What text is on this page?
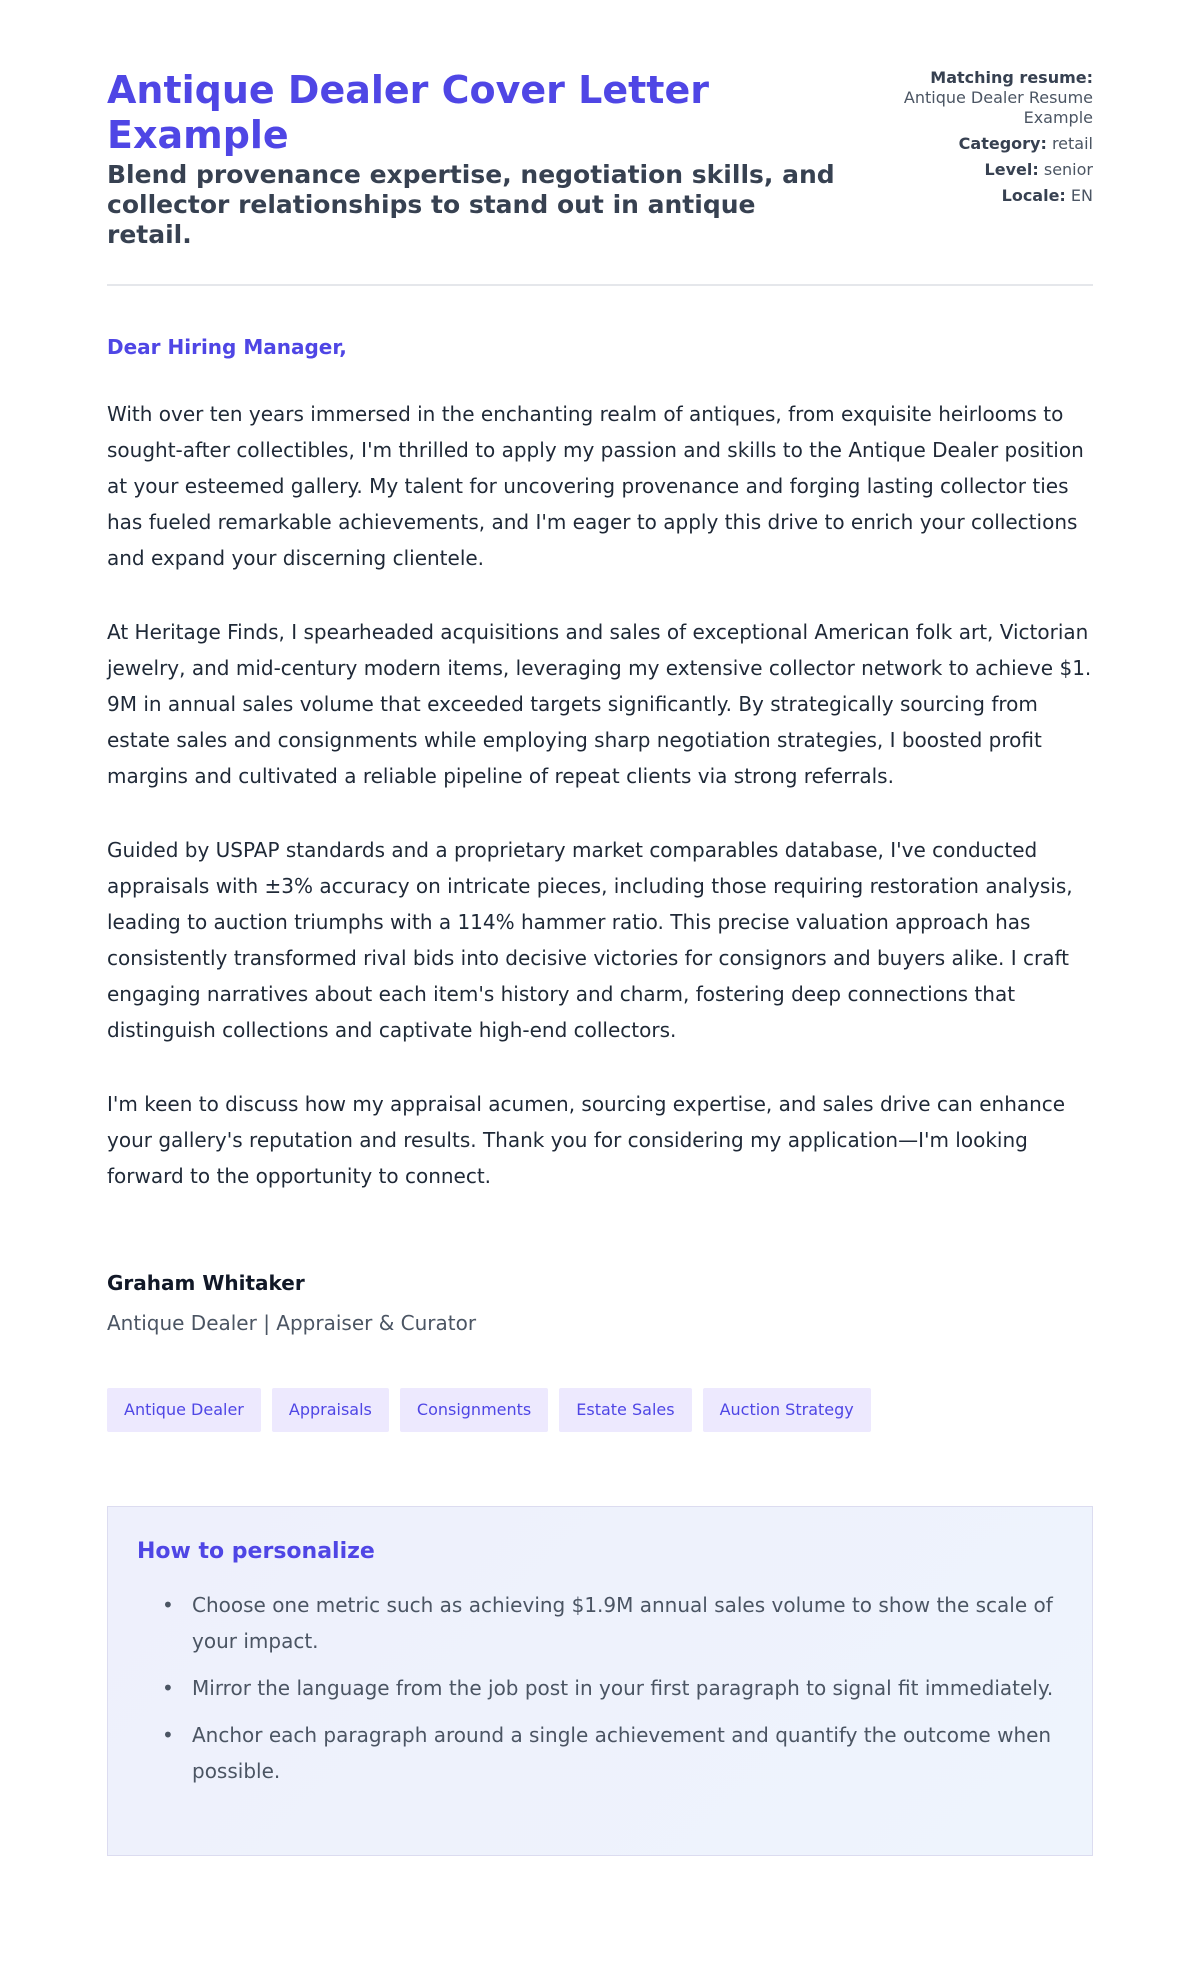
Antique Dealer Cover Letter Example
Blend provenance expertise, negotiation skills, and collector relationships to stand out in antique retail.
Matching resume:
Antique Dealer Resume Example
Category: retail
Level: senior
Locale: EN
Dear Hiring Manager,

With over ten years immersed in the enchanting realm of antiques, from exquisite heirlooms to sought-after collectibles, I'm thrilled to apply my passion and skills to the Antique Dealer position at your esteemed gallery. My talent for uncovering provenance and forging lasting collector ties has fueled remarkable achievements, and I'm eager to apply this drive to enrich your collections and expand your discerning clientele.

At Heritage Finds, I spearheaded acquisitions and sales of exceptional American folk art, Victorian jewelry, and mid-century modern items, leveraging my extensive collector network to achieve $1. 9M in annual sales volume that exceeded targets significantly. By strategically sourcing from estate sales and consignments while employing sharp negotiation strategies, I boosted profit margins and cultivated a reliable pipeline of repeat clients via strong referrals.

Guided by USPAP standards and a proprietary market comparables database, I've conducted appraisals with ±3% accuracy on intricate pieces, including those requiring restoration analysis, leading to auction triumphs with a 114% hammer ratio. This precise valuation approach has consistently transformed rival bids into decisive victories for consignors and buyers alike. I craft engaging narratives about each item's history and charm, fostering deep connections that distinguish collections and captivate high-end collectors.

I'm keen to discuss how my appraisal acumen, sourcing expertise, and sales drive can enhance your gallery's reputation and results. Thank you for considering my application—I'm looking forward to the opportunity to connect.

Graham Whitaker
Antique Dealer | Appraiser & Curator
Antique Dealer	Appraisals	Consignments	Estate Sales	Auction Strategy
How to personalize
• Choose one metric such as achieving $1.9M annual sales volume to show the scale of your impact.
• Mirror the language from the job post in your first paragraph to signal fit immediately.
• Anchor each paragraph around a single achievement and quantify the outcome when possible.
